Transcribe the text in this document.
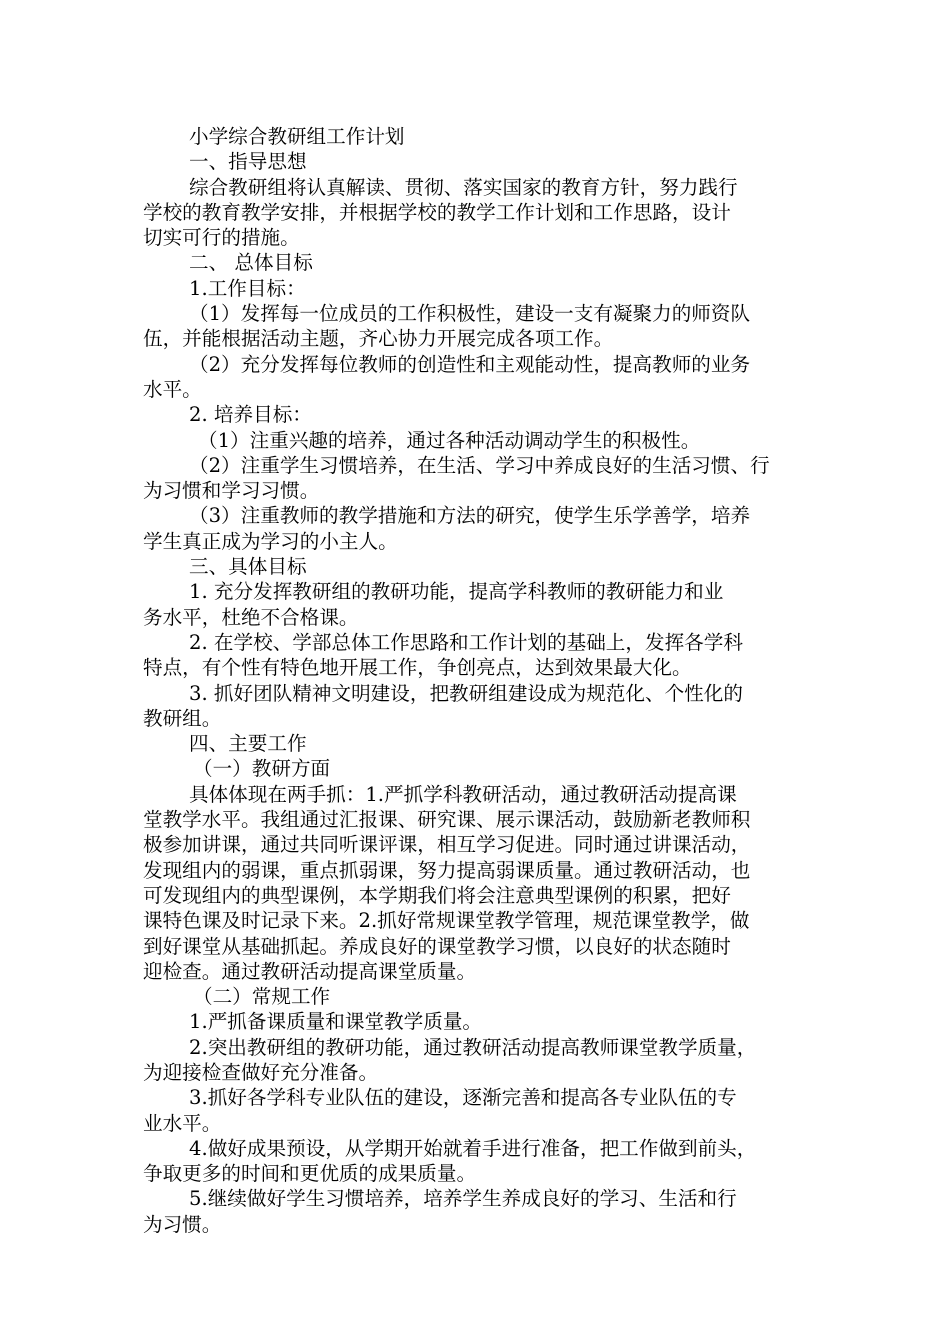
小学综合教研组工作计划
一、指导思想
综合教研组将认真解读、贯彻、落实国家的教育方针，努力践行
学校的教育教学安排，并根据学校的教学工作计划和工作思路，设计
切实可行的措施。
二、 总体目标
1.工作目标：
（1）发挥每一位成员的工作积极性，建设一支有凝聚力的师资队
伍，并能根据活动主题，齐心协力开展完成各项工作。
（2）充分发挥每位教师的创造性和主观能动性，提高教师的业务
水平。
2. 培养目标：
（1）注重兴趣的培养，通过各种活动调动学生的积极性。
（2）注重学生习惯培养，在生活、学习中养成良好的生活习惯、行
为习惯和学习习惯。
（3）注重教师的教学措施和方法的研究，使学生乐学善学，培养
学生真正成为学习的小主人。
三、具体目标
1. 充分发挥教研组的教研功能，提高学科教师的教研能力和业
务水平，杜绝不合格课。
2. 在学校、学部总体工作思路和工作计划的基础上，发挥各学科
特点，有个性有特色地开展工作，争创亮点，达到效果最大化。
3. 抓好团队精神文明建设，把教研组建设成为规范化、个性化的
教研组。
四、主要工作
（一）教研方面
具体体现在两手抓：1.严抓学科教研活动，通过教研活动提高课
堂教学水平。我组通过汇报课、研究课、展示课活动，鼓励新老教师积
极参加讲课，通过共同听课评课，相互学习促进。同时通过讲课活动，
发现组内的弱课，重点抓弱课，努力提高弱课质量。通过教研活动，也
可发现组内的典型课例，本学期我们将会注意典型课例的积累，把好
课特色课及时记录下来。2.抓好常规课堂教学管理，规范课堂教学，做
到好课堂从基础抓起。养成良好的课堂教学习惯，以良好的状态随时
迎检查。通过教研活动提高课堂质量。
（二）常规工作
1.严抓备课质量和课堂教学质量。
2.突出教研组的教研功能，通过教研活动提高教师课堂教学质量，
为迎接检查做好充分准备。
3.抓好各学科专业队伍的建设，逐渐完善和提高各专业队伍的专
业水平。
4.做好成果预设，从学期开始就着手进行准备，把工作做到前头，
争取更多的时间和更优质的成果质量。
5.继续做好学生习惯培养，培养学生养成良好的学习、生活和行
为习惯。
